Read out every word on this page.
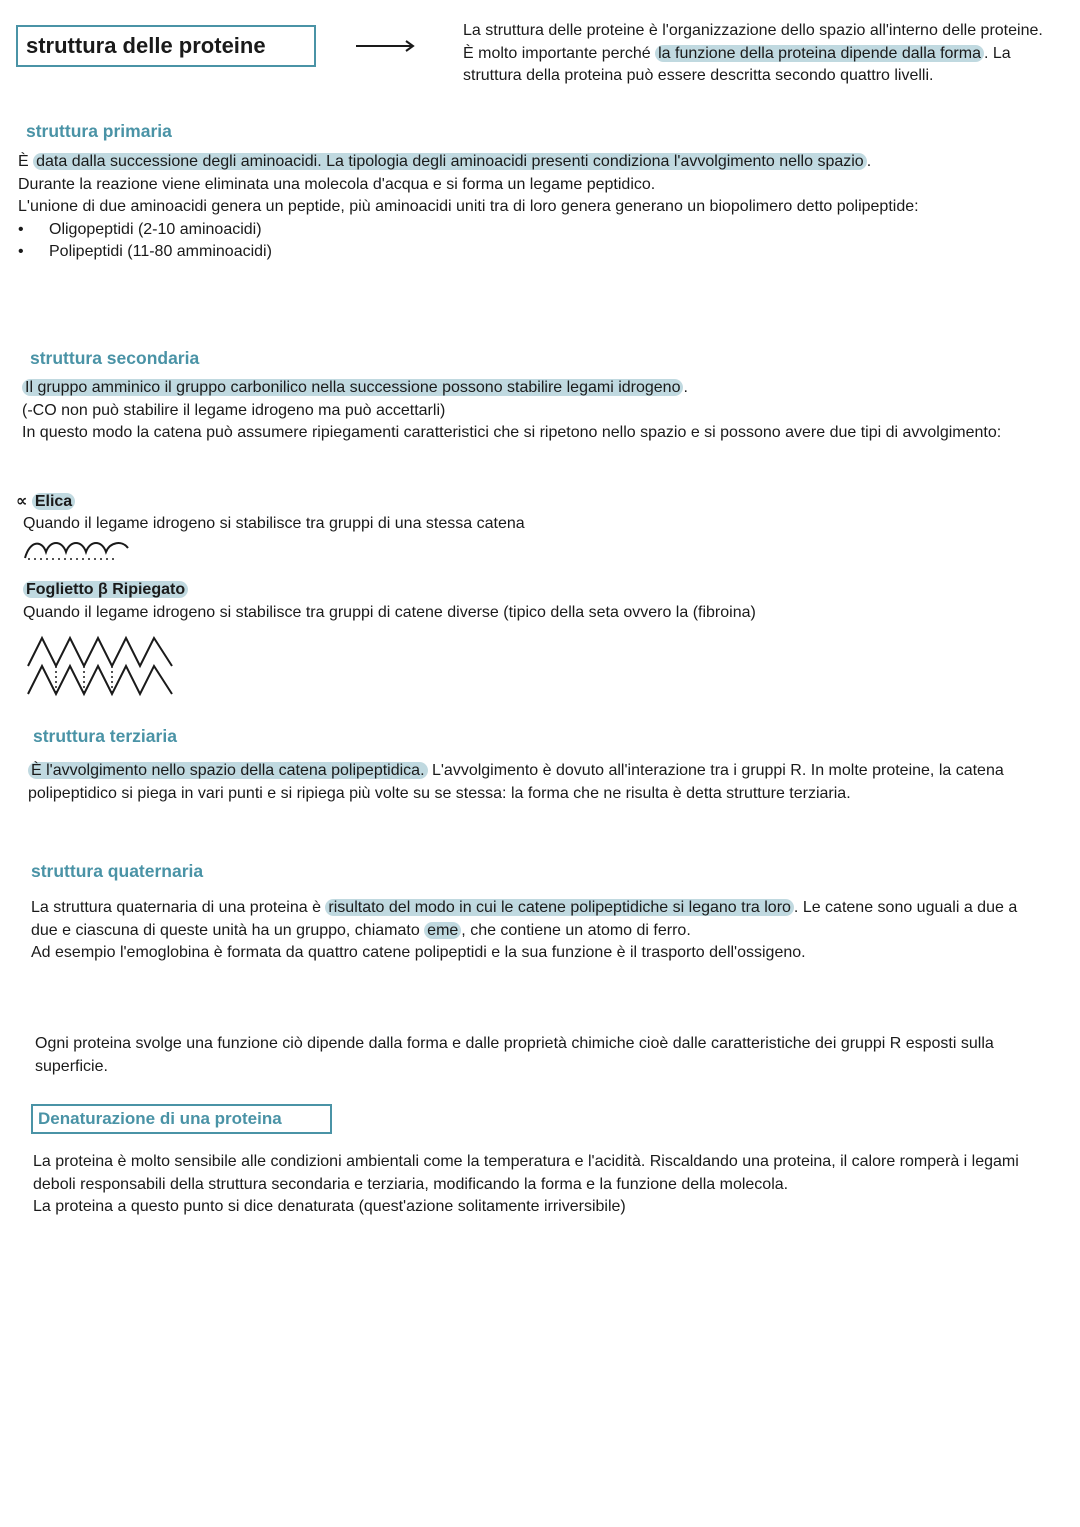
struttura delle proteine
La struttura delle proteine è l'organizzazione dello spazio all'interno delle proteine. È molto importante perché la funzione della proteina dipende dalla forma . La struttura della proteina può essere descritta secondo quattro livelli.
struttura primaria

È data dalla successione degli aminoacidi. La tipologia degli aminoacidi presenti condiziona l'avvolgimento nello spazio .

Durante la reazione viene eliminata una molecola d'acqua e si forma un legame peptidico.

L'unione di due aminoacidi genera un peptide, più aminoacidi uniti tra di loro genera generano un biopolimero detto polipeptide:

• Oligopeptidi (2-10 aminoacidi)
• Polipeptidi (11-80 amminoacidi)
struttura secondaria

Il gruppo amminico il gruppo carbonilico nella successione possono stabilire legami idrogeno .

(-CO non può stabilire il legame idrogeno ma può accettarli)

In questo modo la catena può assumere ripiegamenti caratteristici che si ripetono nello spazio e si possono avere due tipi di avvolgimento:

∝ Elica
Quando il legame idrogeno si stabilisce tra gruppi di una stessa catena
Foglietto β Ripiegato
Quando il legame idrogeno si stabilisce tra gruppi di catene diverse (tipico della seta ovvero la (fibroina)
struttura terziaria

È l'avvolgimento nello spazio della catena polipeptidica. L'avvolgimento è dovuto all'interazione tra i gruppi R. In molte proteine, la catena polipeptidico si piega in vari punti e si ripiega più volte su se stessa: la forma che ne risulta è detta strutture terziaria.

struttura quaternaria

La struttura quaternaria di una proteina è risultato del modo in cui le catene polipeptidiche si legano tra loro . Le catene sono uguali a due a due e ciascuna di queste unità ha un gruppo, chiamato eme , che contiene un atomo di ferro.

Ad esempio l'emoglobina è formata da quattro catene polipeptidi e la sua funzione è il trasporto dell'ossigeno.

Ogni proteina svolge una funzione ciò dipende dalla forma e dalle proprietà chimiche cioè dalle caratteristiche dei gruppi R esposti sulla superficie.
Denaturazione di una proteina

La proteina è molto sensibile alle condizioni ambientali come la temperatura e l'acidità. Riscaldando una proteina, il calore romperà i legami deboli responsabili della struttura secondaria e terziaria, modificando la forma e la funzione della molecola.

La proteina a questo punto si dice denaturata (quest'azione solitamente irriversibile)
